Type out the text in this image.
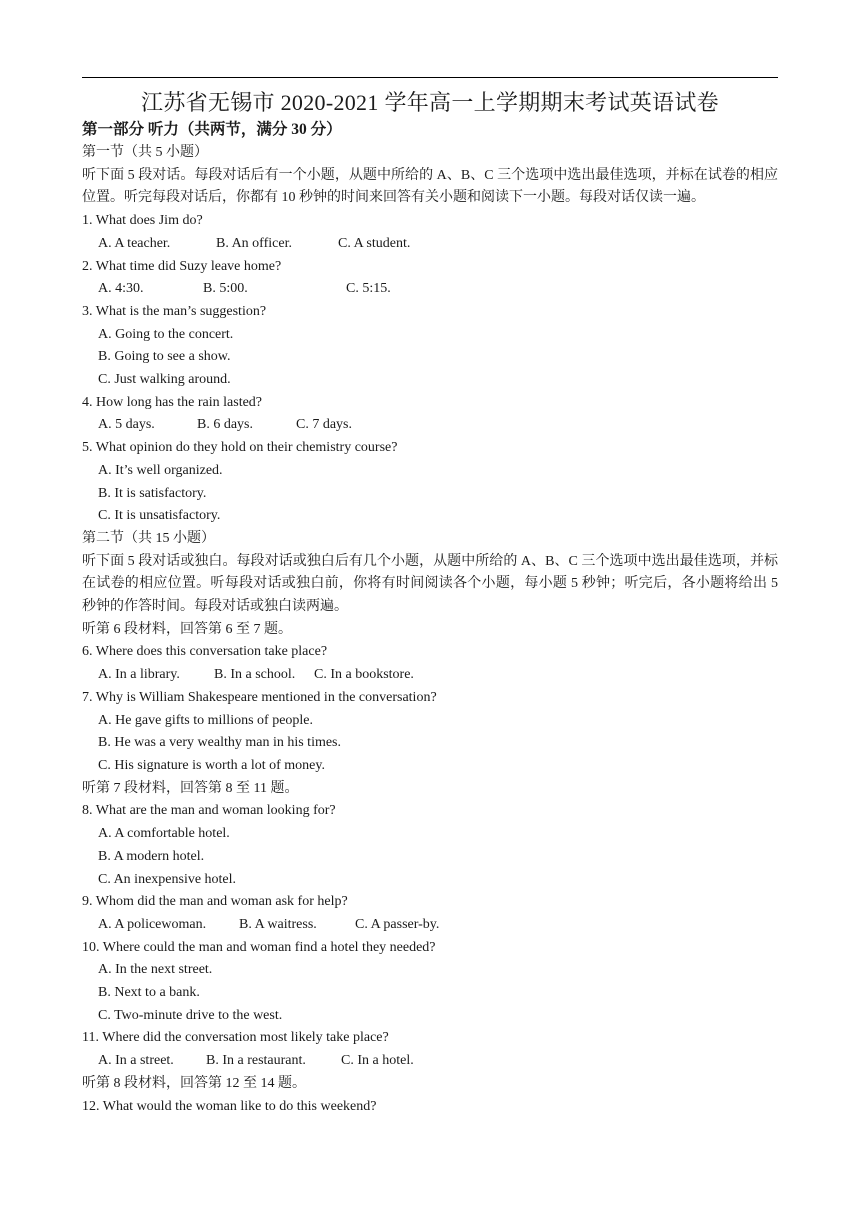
江苏省无锡市 2020-2021 学年高一上学期期末考试英语试卷
第一部分 听力（共两节，满分 30 分）
第一节（共 5 小题）
听下面 5 段对话。每段对话后有一个小题，从题中所给的 A、B、C 三个选项中选出最佳选项，并标在试卷的相应位置。听完每段对话后，你都有 10 秒钟的时间来回答有关小题和阅读下一小题。每段对话仅读一遍。
1. What does Jim do?
A. A teacher.	B. An officer.	C. A student.
2. What time did Suzy leave home?
A. 4:30.	B. 5:00.	C. 5:15.
3. What is the man’s suggestion?
A. Going to the concert.
B. Going to see a show.
C. Just walking around.
4. How long has the rain lasted?
A. 5 days.	B. 6 days.	C. 7 days.
5. What opinion do they hold on their chemistry course?
A. It’s well organized.
B. It is satisfactory.
C. It is unsatisfactory.
第二节（共 15 小题）
听下面 5 段对话或独白。每段对话或独白后有几个小题，从题中所给的 A、B、C 三个选项中选出最佳选项，并标在试卷的相应位置。听每段对话或独白前，你将有时间阅读各个小题，每小题 5 秒钟；听完后，各小题将给出 5 秒钟的作答时间。每段对话或独白读两遍。
听第 6 段材料，回答第 6 至 7 题。
6. Where does this conversation take place?
A. In a library.	B. In a school.	C. In a bookstore.
7. Why is William Shakespeare mentioned in the conversation?
A. He gave gifts to millions of people.
B. He was a very wealthy man in his times.
C. His signature is worth a lot of money.
听第 7 段材料，回答第 8 至 11 题。
8. What are the man and woman looking for?
A. A comfortable hotel.
B. A modern hotel.
C. An inexpensive hotel.
9. Whom did the man and woman ask for help?
A. A policewoman.	B. A waitress.	C. A passer-by.
10. Where could the man and woman find a hotel they needed?
A. In the next street.
B. Next to a bank.
C. Two-minute drive to the west.
11. Where did the conversation most likely take place?
A. In a street.	B. In a restaurant.	C. In a hotel.
听第 8 段材料，回答第 12 至 14 题。
12. What would the woman like to do this weekend?
